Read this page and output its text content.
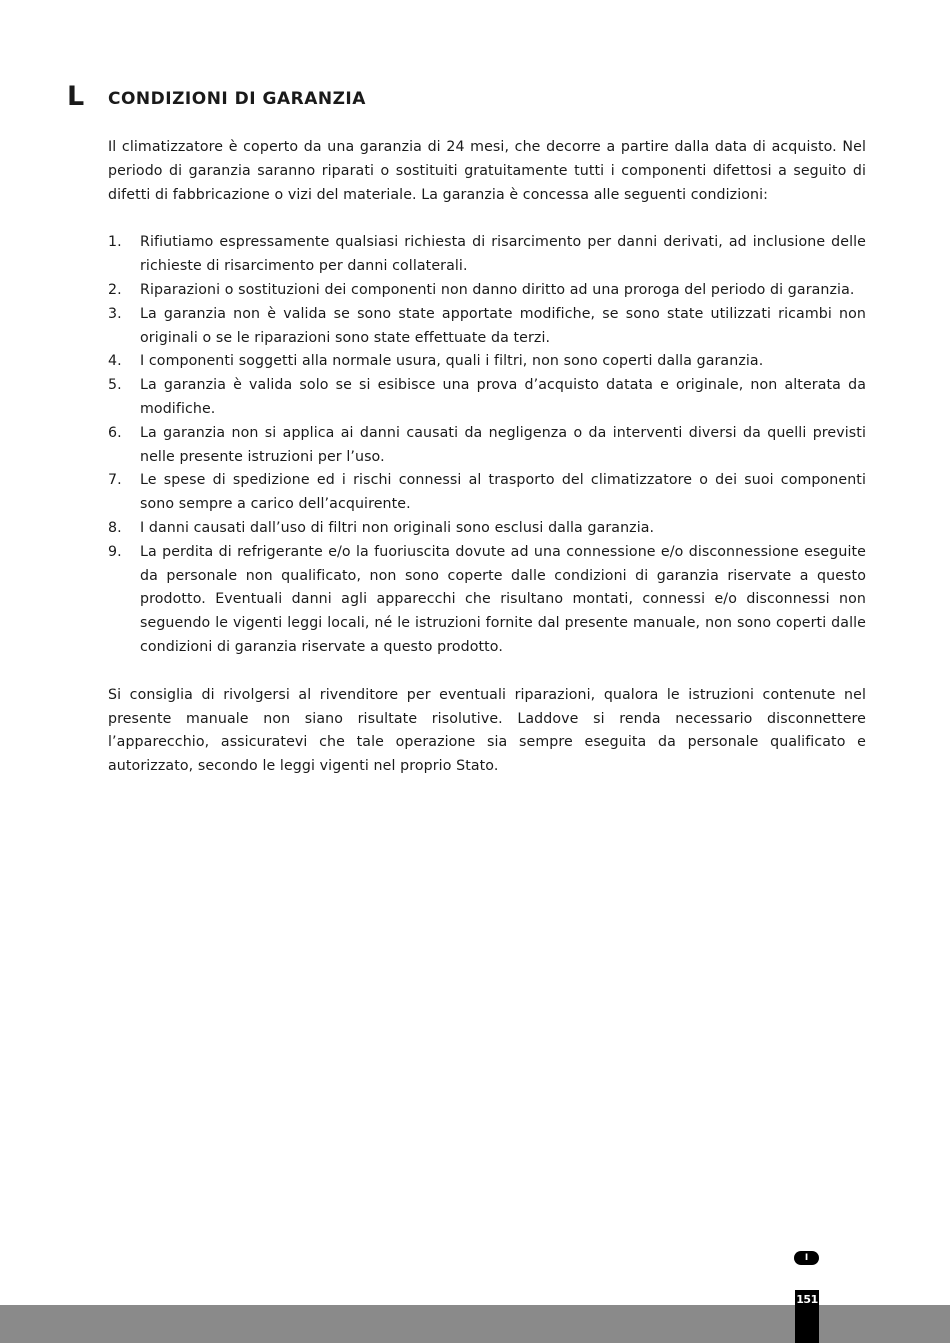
L CONDIZIONI DI GARANZIA

Il climatizzatore è coperto da una garanzia di 24 mesi, che decorre a partire dalla data di acquisto. Nel periodo di garanzia saranno riparati o sostituiti gratuitamente tutti i componenti difettosi a seguito di difetti di fabbricazione o vizi del materiale. La garanzia è concessa alle seguenti condizioni:

1. Rifiutiamo espressamente qualsiasi richiesta di risarcimento per danni derivati, ad inclusione delle richieste di risarcimento per danni collaterali.
2. Riparazioni o sostituzioni dei componenti non danno diritto ad una proroga del periodo di garanzia.
3. La garanzia non è valida se sono state apportate modifiche, se sono state utilizzati ricambi non originali o se le riparazioni sono state effettuate da terzi.
4. I componenti soggetti alla normale usura, quali i filtri, non sono coperti dalla garanzia.
5. La garanzia è valida solo se si esibisce una prova d’acquisto datata e originale, non alterata da modifiche.
6. La garanzia non si applica ai danni causati da negligenza o da interventi diversi da quelli previsti nelle presente istruzioni per l’uso.
7. Le spese di spedizione ed i rischi connessi al trasporto del climatizzatore o dei suoi componenti sono sempre a carico dell’acquirente.
8. I danni causati dall’uso di filtri non originali sono esclusi dalla garanzia.
9. La perdita di refrigerante e/o la fuoriuscita dovute ad una connessione e/o disconnessione eseguite da personale non qualificato, non sono coperte dalle condizioni di garanzia riservate a questo prodotto. Eventuali danni agli apparecchi che risultano montati, connessi e/o disconnessi non seguendo le vigenti leggi locali, né le istruzioni fornite dal presente manuale, non sono coperti dalle condizioni di garanzia riservate a questo prodotto.

Si consiglia di rivolgersi al rivenditore per eventuali riparazioni, qualora le istruzioni contenute nel presente manuale non siano risultate risolutive. Laddove si renda necessario disconnettere l’apparecchio, assicuratevi che tale operazione sia sempre eseguita da personale qualificato e autorizzato, secondo le leggi vigenti nel proprio Stato.

I
151
